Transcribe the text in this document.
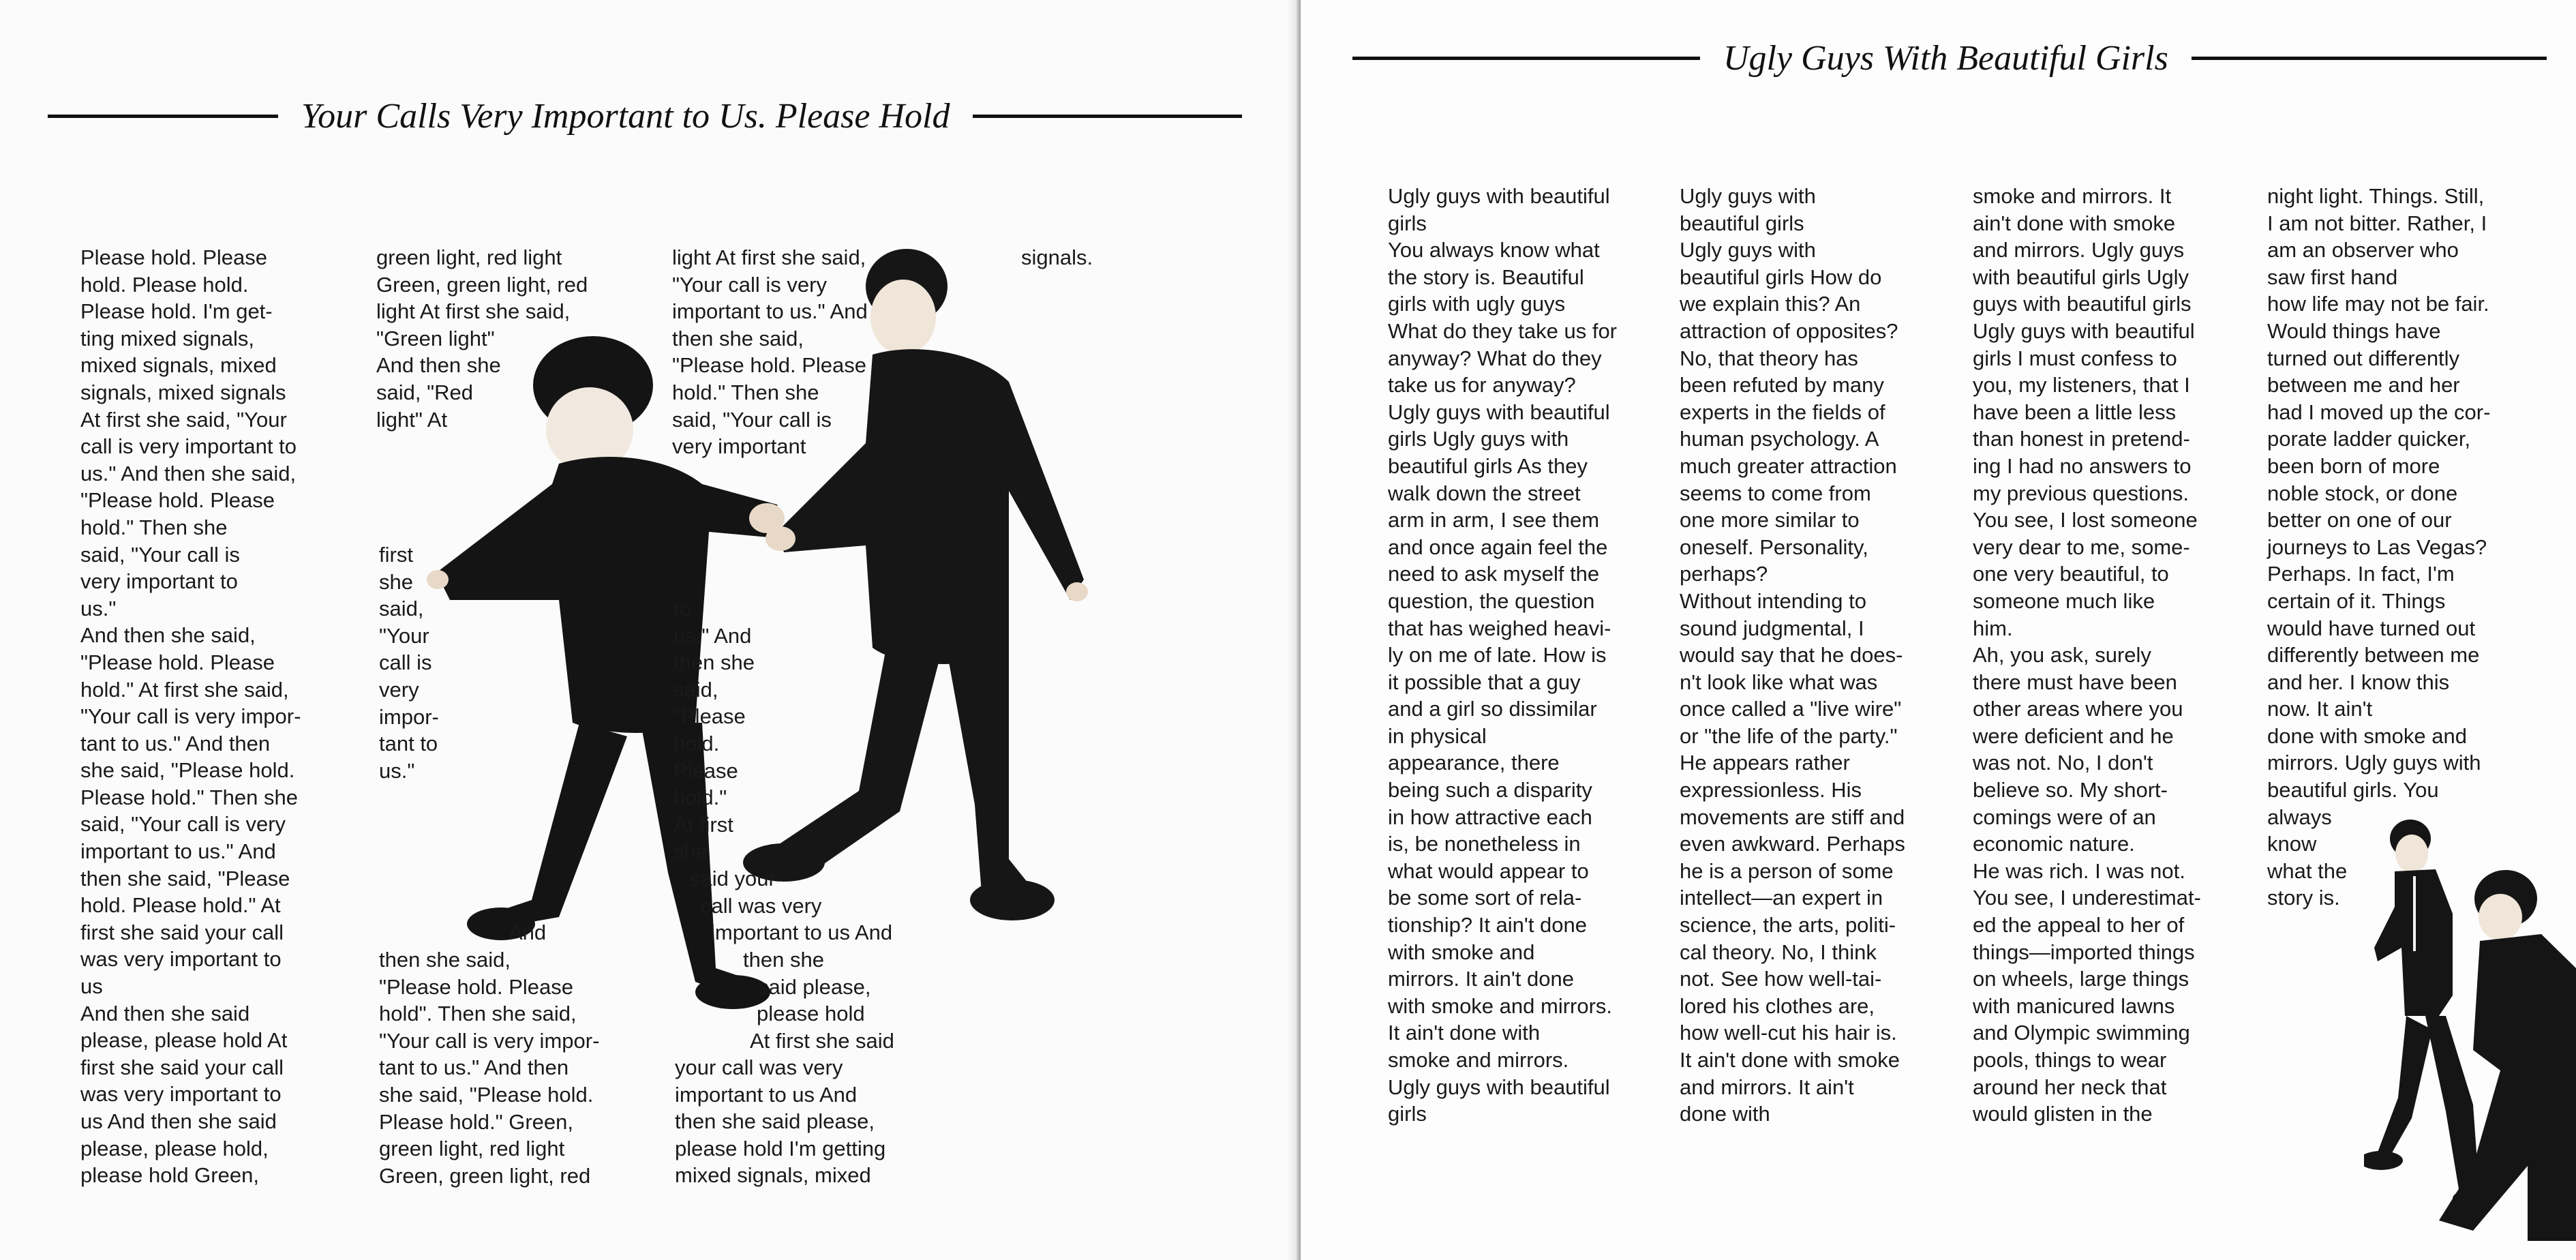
Your Calls Very Important to Us. Please Hold
Please hold. Please
hold. Please hold.
Please hold. I'm get-
ting mixed signals,
mixed signals, mixed
signals, mixed signals
At first she said, "Your
call is very important to
us." And then she said,
"Please hold. Please
hold." Then she
said, "Your call is
very important to
us."
And then she said,
"Please hold. Please
hold." At first she said,
"Your call is very impor-
tant to us." And then
she said, "Please hold.
Please hold." Then she
said, "Your call is very
important to us." And
then she said, "Please
hold. Please hold." At
first she said your call
was very important to
us
And then she said
please, please hold At
first she said your call
was very important to
us And then she said
please, please hold,
please hold Green,
green light, red light
Green, green light, red
light At first she said,
"Green light"
And then she
said, "Red
light" At
first
she
said,
"Your
call is
very
impor-
tant to
us."
And
then she said,
"Please hold. Please
hold". Then she said,
"Your call is very impor-
tant to us." And then
she said, "Please hold.
Please hold." Green,
green light, red light
Green, green light, red
light At first she said,
"Your call is very
important to us." And
then she said,
"Please hold. Please
hold." Then she
said, "Your call is
very important
to
us." And
then she
said,
"Please
hold.
Please
hold."
At first
she
said your
call was very
important to us And
then she
said please,
please hold
At first she said
your call was very
important to us And
then she said please,
please hold I'm getting
mixed signals, mixed
signals.
Ugly Guys With Beautiful Girls
Ugly guys with beautiful
girls
You always know what
the story is. Beautiful
girls with ugly guys
What do they take us for
anyway? What do they
take us for anyway?
Ugly guys with beautiful
girls Ugly guys with
beautiful girls As they
walk down the street
arm in arm, I see them
and once again feel the
need to ask myself the
question, the question
that has weighed heavi-
ly on me of late. How is
it possible that a guy
and a girl so dissimilar
in physical
appearance, there
being such a disparity
in how attractive each
is, be nonetheless in
what would appear to
be some sort of rela-
tionship? It ain't done
with smoke and
mirrors. It ain't done
with smoke and mirrors.
It ain't done with
smoke and mirrors.
Ugly guys with beautiful
girls
Ugly guys with
beautiful girls
Ugly guys with
beautiful girls How do
we explain this? An
attraction of opposites?
No, that theory has
been refuted by many
experts in the fields of
human psychology. A
much greater attraction
seems to come from
one more similar to
oneself. Personality,
perhaps?
Without intending to
sound judgmental, I
would say that he does-
n't look like what was
once called a "live wire"
or "the life of the party."
He appears rather
expressionless. His
movements are stiff and
even awkward. Perhaps
he is a person of some
intellect—an expert in
science, the arts, politi-
cal theory. No, I think
not. See how well-tai-
lored his clothes are,
how well-cut his hair is.
It ain't done with smoke
and mirrors. It ain't
done with
smoke and mirrors. It
ain't done with smoke
and mirrors. Ugly guys
with beautiful girls Ugly
guys with beautiful girls
Ugly guys with beautiful
girls I must confess to
you, my listeners, that I
have been a little less
than honest in pretend-
ing I had no answers to
my previous questions.
You see, I lost someone
very dear to me, some-
one very beautiful, to
someone much like
him.
Ah, you ask, surely
there must have been
other areas where you
were deficient and he
was not. No, I don't
believe so. My short-
comings were of an
economic nature.
He was rich. I was not.
You see, I underestimat-
ed the appeal to her of
things—imported things
on wheels, large things
with manicured lawns
and Olympic swimming
pools, things to wear
around her neck that
would glisten in the
night light. Things. Still,
I am not bitter. Rather, I
am an observer who
saw first hand
how life may not be fair.
Would things have
turned out differently
between me and her
had I moved up the cor-
porate ladder quicker,
been born of more
noble stock, or done
better on one of our
journeys to Las Vegas?
Perhaps. In fact, I'm
certain of it. Things
would have turned out
differently between me
and her. I know this
now. It ain't
done with smoke and
mirrors. Ugly guys with
beautiful girls. You
always
know
what the
story is.
